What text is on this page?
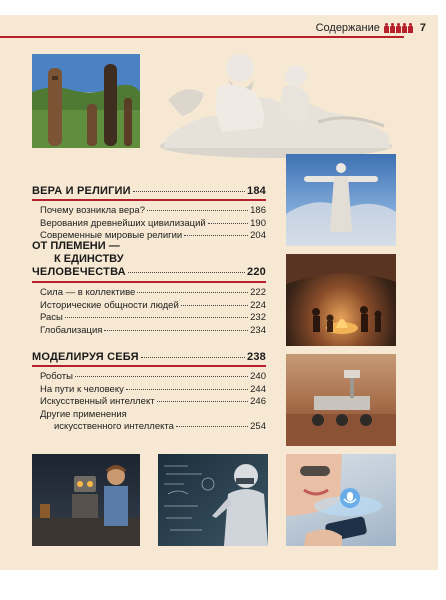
Содержание	7
ВЕРА И РЕЛИГИИ	184
Почему возникла вера?	186
Верования древнейших цивилизаций	190
Современные мировые религии	204
ОТ ПЛЕМЕНИ —
К ЕДИНСТВУ
ЧЕЛОВЕЧЕСТВА	220
Сила — в коллективе	222
Исторические общности людей	224
Расы	232
Глобализация	234
МОДЕЛИРУЯ СЕБЯ	238
Роботы	240
На пути к человеку	244
Искусственный интеллект	246
Другие применения
искусственного интеллекта	254
